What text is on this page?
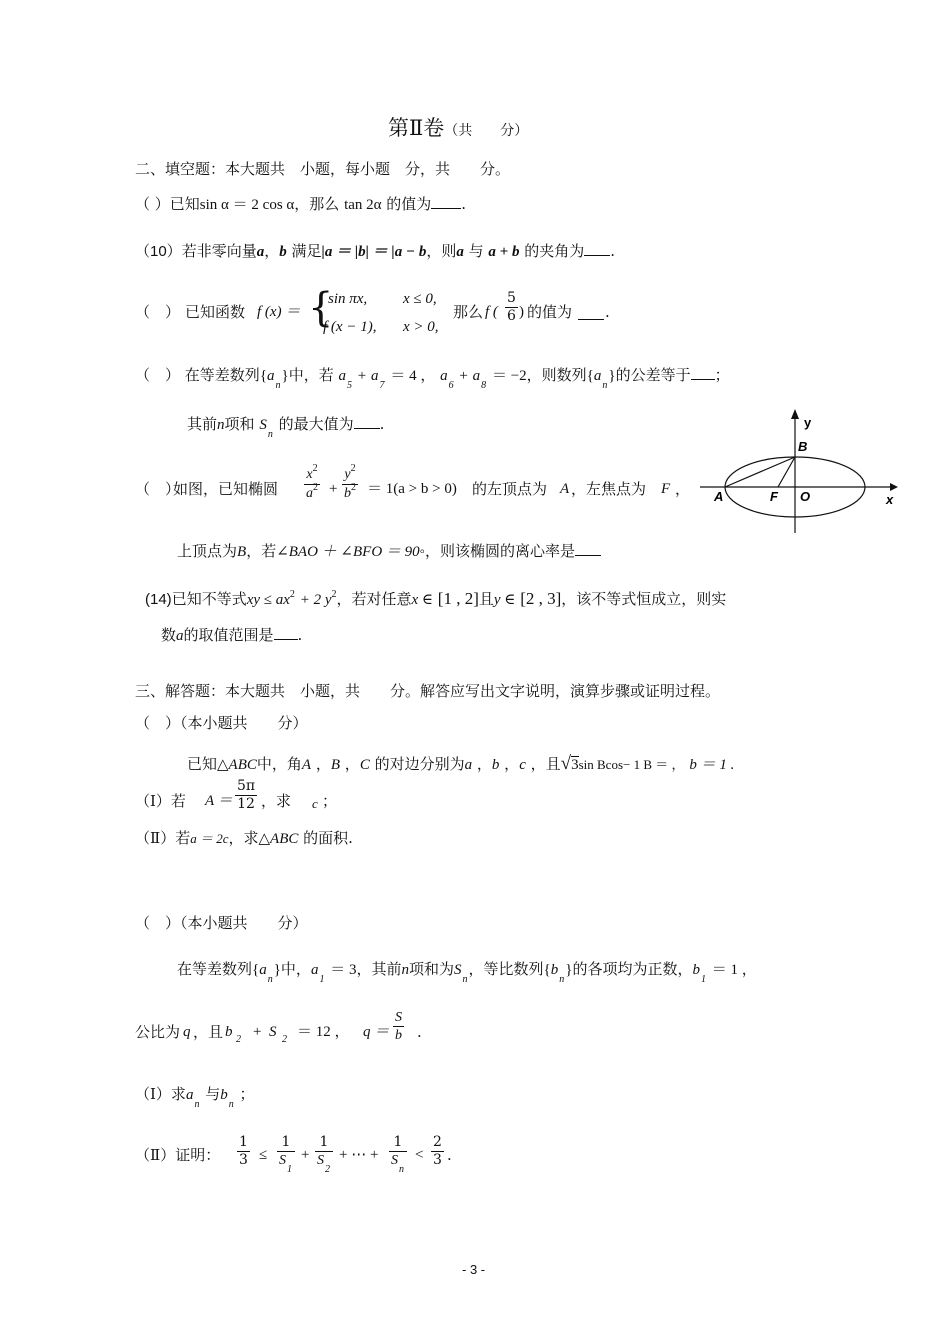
第Ⅱ卷（共　　分）
二、填空题：本大题共　小题，每小题　分，共　　分。
（ ）已知sin α ＝ 2 cos α，那么 tan 2α 的值为 .
（10）若非零向量a，b 满足|a ＝ |b| ＝ |a − b，则a 与 a + b 的夹角为 .
（　） 已知函数 f (x) ＝ {
sin πx, x ≤ 0,
f (x − 1), x > 0,
那么 f ( $\frac{5}{6}$ ) 的值为 .
（　） 在等差数列$\{a_n\}$中，若 $a_5 + a_7 = 4$ ， $a_6 + a_8 = -2$，则数列$\{a_n\}$的公差等于 ；
其前n项和 $S_n$ 的最大值为 .	y
B
A	F O	x
（　）
如图，已知椭圆 $\frac{x^2}{a^2} + \frac{y^2}{b^2} = 1(a > b > 0)$ 的左顶点为 A ，左焦点为 F ，
上顶点为B，若∠BAO ＋ ∠BFO ＝ 90◦，则该椭圆的离心率是
(14)已知不等式xy ≤ $ax^2 + 2$ $y^2$，若对任意x ∈ [1 , 2]且y ∈ [2 , 3]，该不等式恒成立，则实
数a的取值范围是 .
三、解答题：本大题共　小题，共　　分。解答应写出文字说明，演算步骤或证明过程。
（　）（本小题共　　分）
已知△ABC中，角A ，B ，C 的对边分别为a ，b ，c ，且√3sin Bcos− 1 B ＝ ， b ＝ 1 .
（Ⅰ）若 $A = \frac{5\pi}{12}$ ，求 c ；
（Ⅱ）若a ＝ 2c，求△ABC 的面积.
（　）（本小题共　　分）
在等差数列$\{a_n\}$中，$a_1 = 3$，其前n项和为$S_n$，等比数列$\{b_n\}$的各项均为正数，$b_1 = 1$ ，
公比为 q ，且 b 2 + S 2 ＝ 12 ， $q = \frac{S}{b}$ .
（Ⅰ）求$a_n$ 与$b_n$ ；
（Ⅱ）证明： $\frac{1}{3} \le \frac{1}{S_1} + \frac{1}{S_2}$ + ⋯ + $\frac{1}{S_n} < \frac{2}{3}$ .
- 3 -
